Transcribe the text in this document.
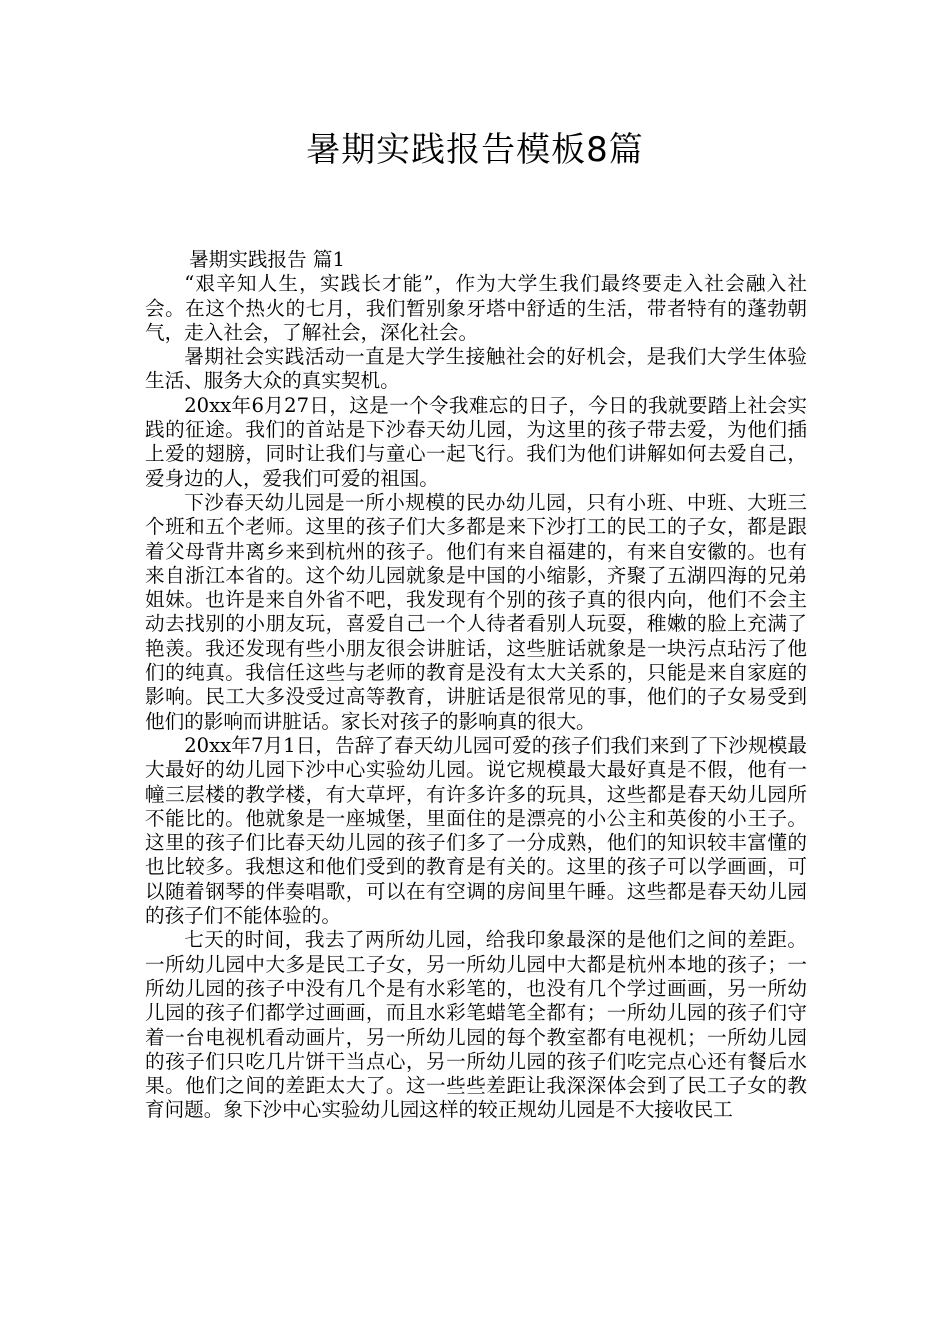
暑期实践报告模板8篇

暑期实践报告 篇1

“艰辛知人生，实践长才能”，作为大学生我们最终要走入社会融入社会。在这个热火的七月，我们暂别象牙塔中舒适的生活，带者特有的蓬勃朝气，走入社会，了解社会，深化社会。

暑期社会实践活动一直是大学生接触社会的好机会，是我们大学生体验生活、服务大众的真实契机。

20xx年6月27日，这是一个令我难忘的日子，今日的我就要踏上社会实践的征途。我们的首站是下沙春天幼儿园，为这里的孩子带去爱，为他们插上爱的翅膀，同时让我们与童心一起飞行。我们为他们讲解如何去爱自己，爱身边的人，爱我们可爱的祖国。

下沙春天幼儿园是一所小规模的民办幼儿园，只有小班、中班、大班三个班和五个老师。这里的孩子们大多都是来下沙打工的民工的子女，都是跟着父母背井离乡来到杭州的孩子。他们有来自福建的，有来自安徽的。也有来自浙江本省的。这个幼儿园就象是中国的小缩影，齐聚了五湖四海的兄弟姐妹。也许是来自外省不吧，我发现有个别的孩子真的很内向，他们不会主动去找别的小朋友玩，喜爱自己一个人待者看别人玩耍，稚嫩的脸上充满了艳羡。我还发现有些小朋友很会讲脏话，这些脏话就象是一块污点玷污了他们的纯真。我信任这些与老师的教育是没有太大关系的，只能是来自家庭的影响。民工大多没受过高等教育，讲脏话是很常见的事，他们的子女易受到他们的影响而讲脏话。家长对孩子的影响真的很大。

20xx年7月1日，告辞了春天幼儿园可爱的孩子们我们来到了下沙规模最大最好的幼儿园下沙中心实验幼儿园。说它规模最大最好真是不假，他有一幢三层楼的教学楼，有大草坪，有许多许多的玩具，这些都是春天幼儿园所不能比的。他就象是一座城堡，里面住的是漂亮的小公主和英俊的小王子。这里的孩子们比春天幼儿园的孩子们多了一分成熟，他们的知识较丰富懂的也比较多。我想这和他们受到的教育是有关的。这里的孩子可以学画画，可以随着钢琴的伴奏唱歌，可以在有空调的房间里午睡。这些都是春天幼儿园的孩子们不能体验的。

七天的时间，我去了两所幼儿园，给我印象最深的是他们之间的差距。一所幼儿园中大多是民工子女，另一所幼儿园中大都是杭州本地的孩子；一所幼儿园的孩子中没有几个是有水彩笔的，也没有几个学过画画，另一所幼儿园的孩子们都学过画画，而且水彩笔蜡笔全都有；一所幼儿园的孩子们守着一台电视机看动画片，另一所幼儿园的每个教室都有电视机；一所幼儿园的孩子们只吃几片饼干当点心，另一所幼儿园的孩子们吃完点心还有餐后水果。他们之间的差距太大了。这一些些差距让我深深体会到了民工子女的教育问题。象下沙中心实验幼儿园这样的较正规幼儿园是不大接收民工
